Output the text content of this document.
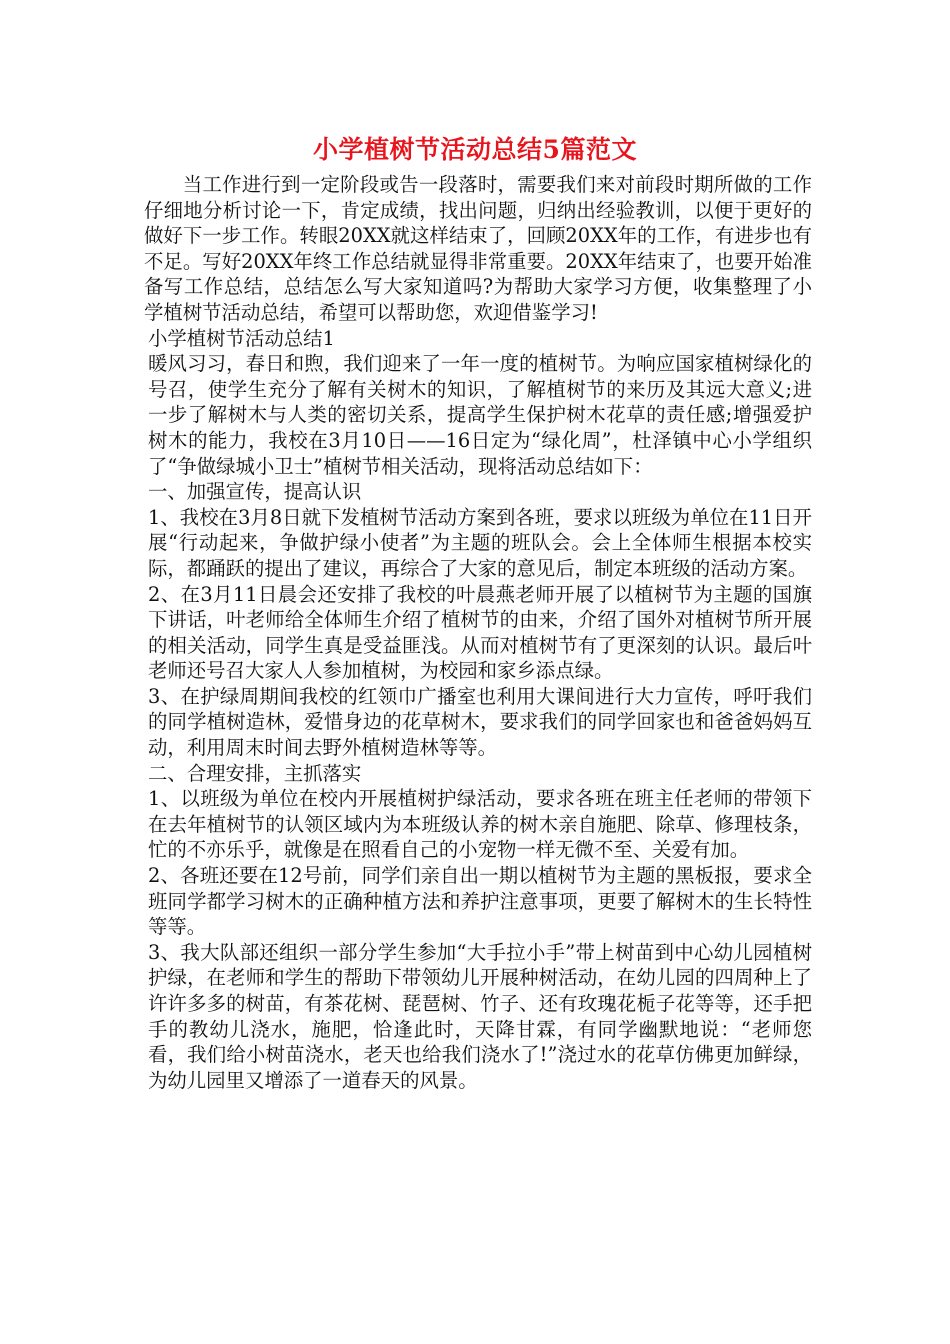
小学植树节活动总结5篇范文

当工作进行到一定阶段或告一段落时，需要我们来对前段时期所做的工作仔细地分析讨论一下，肯定成绩，找出问题，归纳出经验教训，以便于更好的做好下一步工作。转眼20XX就这样结束了，回顾20XX年的工作，有进步也有不足。写好20XX年终工作总结就显得非常重要。20XX年结束了，也要开始准备写工作总结，总结怎么写大家知道吗?为帮助大家学习方便，收集整理了小学植树节活动总结，希望可以帮助您，欢迎借鉴学习!

小学植树节活动总结1

暖风习习，春日和煦，我们迎来了一年一度的植树节。为响应国家植树绿化的号召，使学生充分了解有关树木的知识，了解植树节的来历及其远大意义;进一步了解树木与人类的密切关系，提高学生保护树木花草的责任感;增强爱护树木的能力，我校在3月10日——16日定为“绿化周”，杜泽镇中心小学组织了“争做绿城小卫士”植树节相关活动，现将活动总结如下：

一、加强宣传，提高认识

1、我校在3月8日就下发植树节活动方案到各班，要求以班级为单位在11日开展“行动起来，争做护绿小使者”为主题的班队会。会上全体师生根据本校实际，都踊跃的提出了建议，再综合了大家的意见后，制定本班级的活动方案。

2、在3月11日晨会还安排了我校的叶晨燕老师开展了以植树节为主题的国旗下讲话，叶老师给全体师生介绍了植树节的由来，介绍了国外对植树节所开展的相关活动，同学生真是受益匪浅。从而对植树节有了更深刻的认识。最后叶老师还号召大家人人参加植树，为校园和家乡添点绿。

3、在护绿周期间我校的红领巾广播室也利用大课间进行大力宣传，呼吁我们的同学植树造林，爱惜身边的花草树木，要求我们的同学回家也和爸爸妈妈互动，利用周末时间去野外植树造林等等。

二、合理安排，主抓落实

1、以班级为单位在校内开展植树护绿活动，要求各班在班主任老师的带领下在去年植树节的认领区域内为本班级认养的树木亲自施肥、除草、修理枝条，忙的不亦乐乎，就像是在照看自己的小宠物一样无微不至、关爱有加。

2、各班还要在12号前，同学们亲自出一期以植树节为主题的黑板报，要求全班同学都学习树木的正确种植方法和养护注意事项，更要了解树木的生长特性等等。

3、我大队部还组织一部分学生参加“大手拉小手”带上树苗到中心幼儿园植树护绿，在老师和学生的帮助下带领幼儿开展种树活动，在幼儿园的四周种上了许许多多的树苗，有茶花树、琵琶树、竹子、还有玫瑰花栀子花等等，还手把手的教幼儿浇水，施肥，恰逢此时，天降甘霖，有同学幽默地说：“老师您看，我们给小树苗浇水，老天也给我们浇水了!”浇过水的花草仿佛更加鲜绿，为幼儿园里又增添了一道春天的风景。
